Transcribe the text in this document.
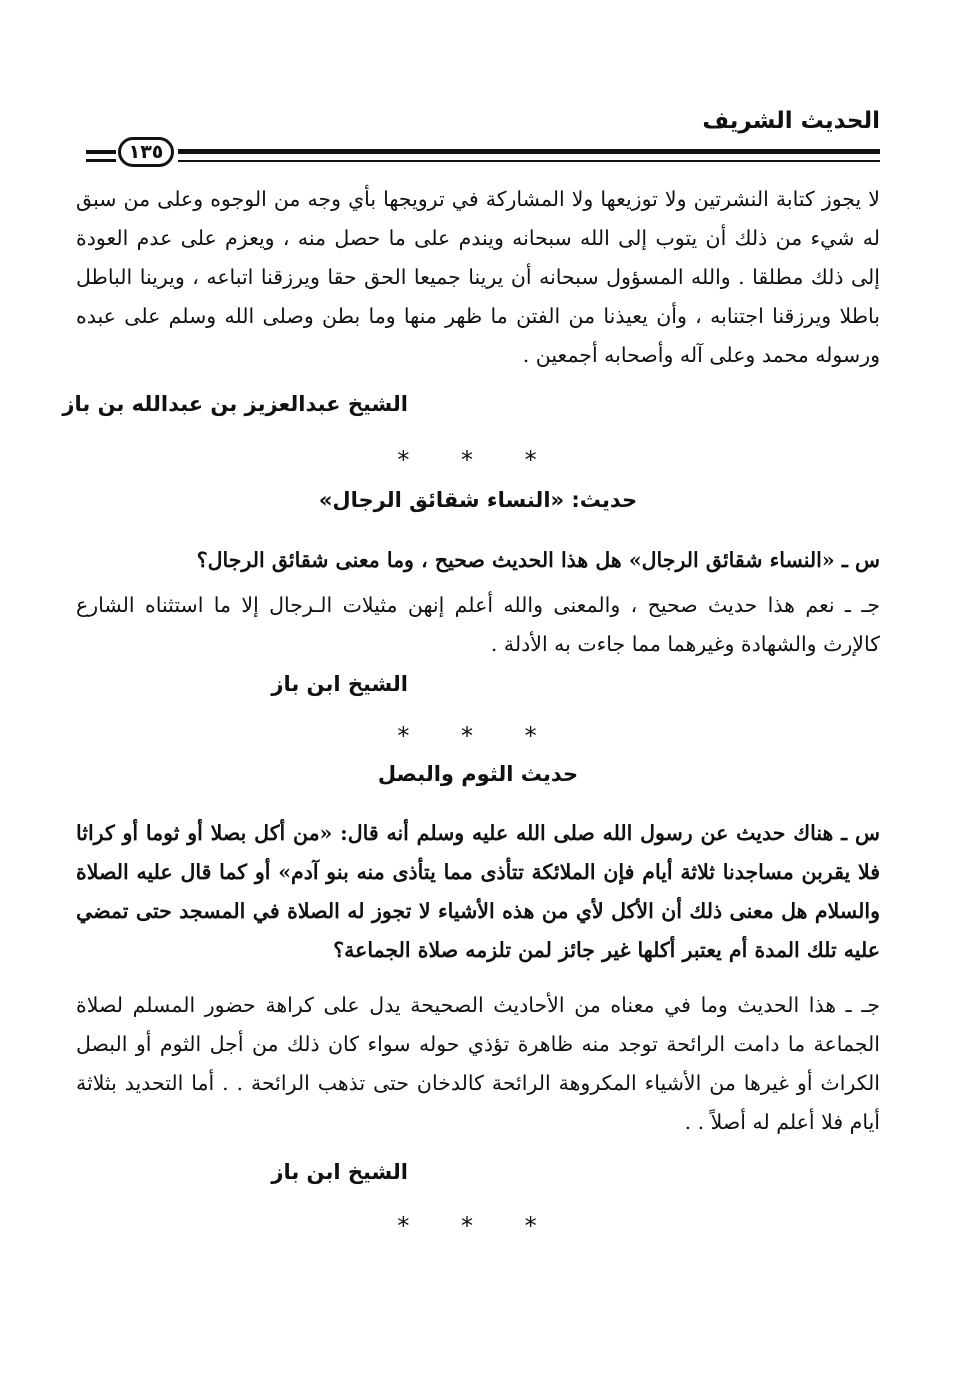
الحديث الشريف
١٣٥
لا يجوز كتابة النشرتين ولا توزيعها ولا المشاركة في ترويجها بأي وجه من الوجوه وعلى من سبق له شيء من ذلك أن يتوب إلى الله سبحانه ويندم على ما حصل منه ، ويعزم على عدم العودة إلى ذلك مطلقا . والله المسؤول سبحانه أن يرينا جميعا الحق حقا ويرزقنا اتباعه ، ويرينا الباطل باطلا ويرزقنا اجتنابه ، وأن يعيذنا من الفتن ما ظهر منها وما بطن وصلى الله وسلم على عبده ورسوله محمد وعلى آله وأصحابه أجمعين .
الشيخ عبدالعزيز بن عبدالله بن باز
* * *
حديث: «النساء شقائق الرجال»
س ـ «النساء شقائق الرجال» هل هذا الحديث صحيح ، وما معنى شقائق الرجال؟
جـ ـ نعم هذا حديث صحيح ، والمعنى والله أعلم إنهن مثيلات الـرجال إلا ما استثناه الشارع كالإرث والشهادة وغيرهما مما جاءت به الأدلة .
الشيخ ابن باز
* * *
حديث الثوم والبصل
س ـ هناك حديث عن رسول الله صلى الله عليه وسلم أنه قال: «من أكل بصلا أو ثوما أو كراثا فلا يقربن مساجدنا ثلاثة أيام فإن الملائكة تتأذى مما يتأذى منه بنو آدم» أو كما قال عليه الصلاة والسلام هل معنى ذلك أن الأكل لأي من هذه الأشياء لا تجوز له الصلاة في المسجد حتى تمضي عليه تلك المدة أم يعتبر أكلها غير جائز لمن تلزمه صلاة الجماعة؟
جـ ـ هذا الحديث وما في معناه من الأحاديث الصحيحة يدل على كراهة حضور المسلم لصلاة الجماعة ما دامت الرائحة توجد منه ظاهرة تؤذي حوله سواء كان ذلك من أجل الثوم أو البصل الكراث أو غيرها من الأشياء المكروهة الرائحة كالدخان حتى تذهب الرائحة . . أما التحديد بثلاثة أيام فلا أعلم له أصلاً . .
الشيخ ابن باز
* * *
